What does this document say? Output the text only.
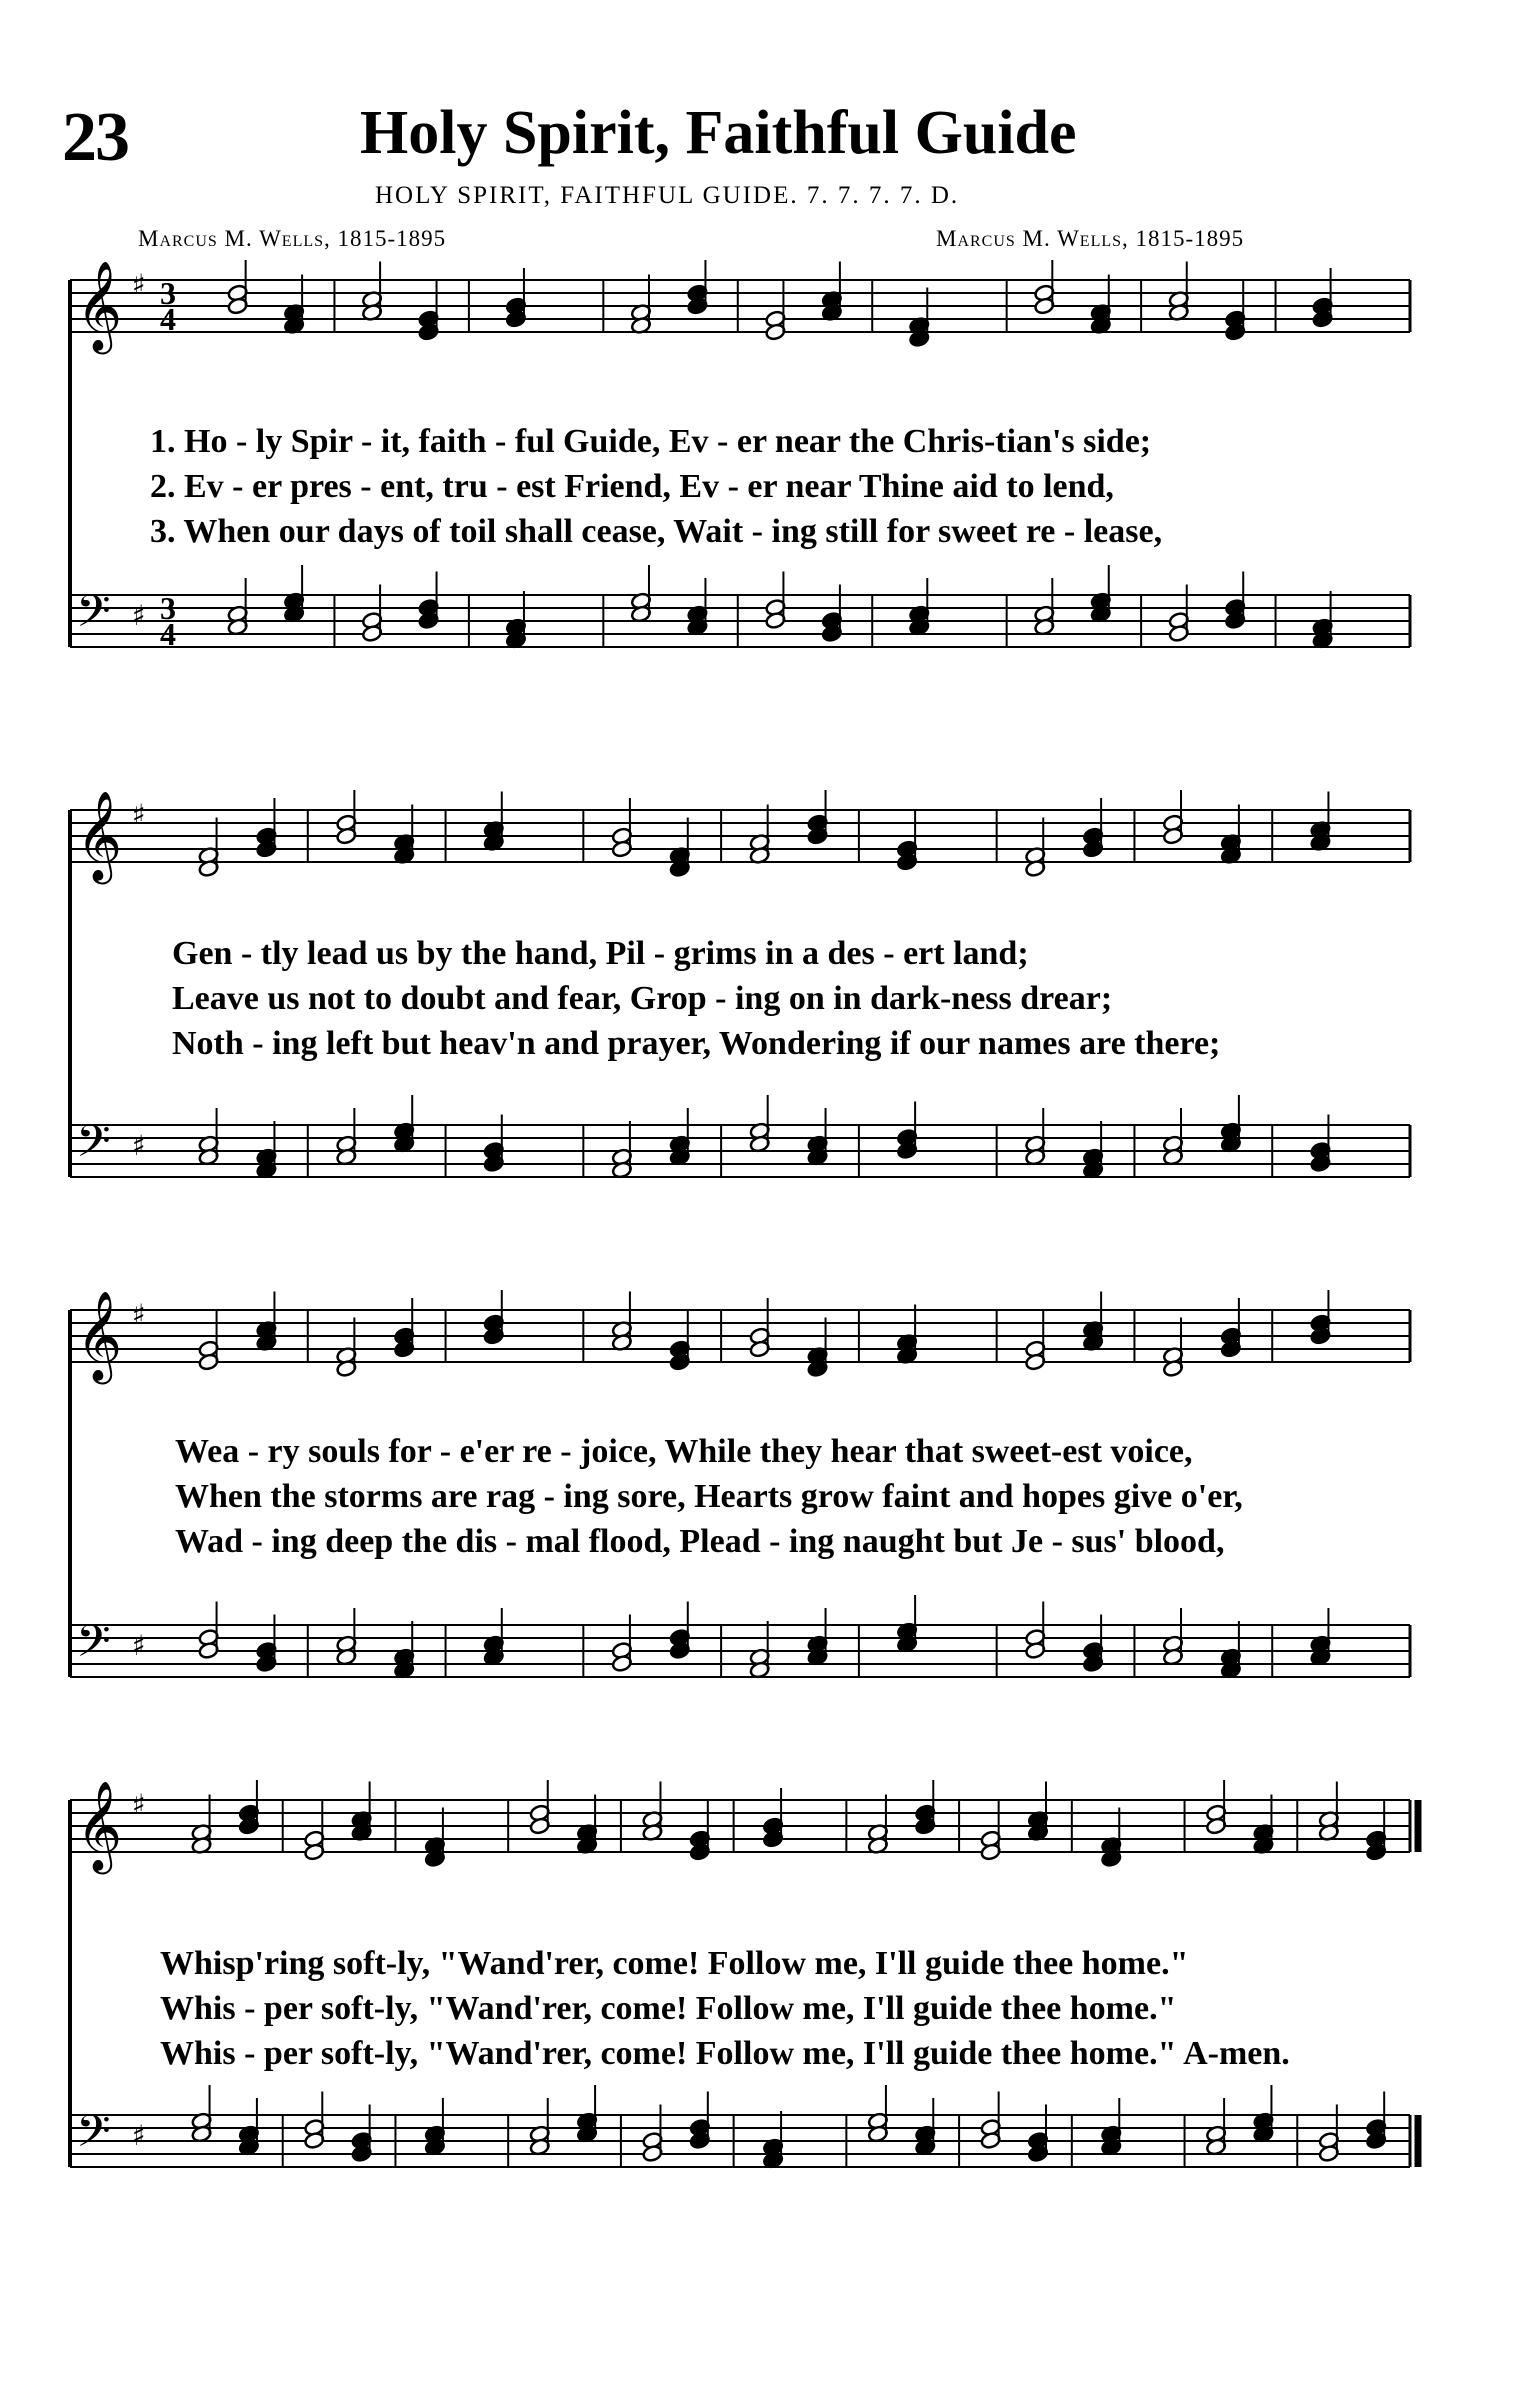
23	Holy Spirit, Faithful Guide
HOLY SPIRIT, FAITHFUL GUIDE. 7. 7. 7. 7. D.
Marcus M. Wells, 1815-1895	Marcus M. Wells, 1815-1895
𝄞
𝄢
♯
♯
3
3
4
4
1. Ho - ly Spir - it, faith - ful Guide, Ev - er near the Chris-tian's side;
2. Ev - er pres - ent, tru - est Friend, Ev - er near Thine aid to lend,
3. When our days of toil shall cease, Wait - ing still for sweet re - lease,
𝄞
𝄢
♯
♯
Gen - tly lead us by the hand, Pil - grims in a des - ert land;
Leave us not to doubt and fear, Grop - ing on in dark-ness drear;
Noth - ing left but heav'n and prayer, Wondering if our names are there;
𝄞
𝄢
♯
♯
Wea - ry souls for - e'er re - joice, While they hear that sweet-est voice,
When the storms are rag - ing sore, Hearts grow faint and hopes give o'er,
Wad - ing deep the dis - mal flood, Plead - ing naught but Je - sus' blood,
𝄞
𝄢
♯
♯
Whisp'ring soft-ly, "Wand'rer, come! Follow me, I'll guide thee home."
Whis - per soft-ly, "Wand'rer, come! Follow me, I'll guide thee home."
Whis - per soft-ly, "Wand'rer, come! Follow me, I'll guide thee home." A-men.
